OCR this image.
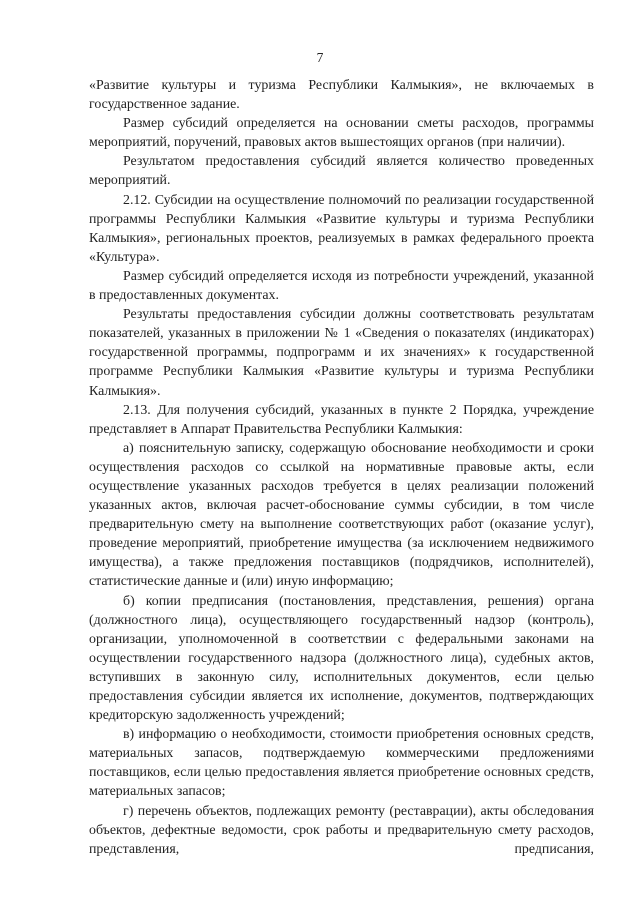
7

«Развитие культуры и туризма Республики Калмыкия», не включаемых в государственное задание.

Размер субсидий определяется на основании сметы расходов, программы мероприятий, поручений, правовых актов вышестоящих органов (при наличии).

Результатом предоставления субсидий является количество проведенных мероприятий.

2.12. Субсидии на осуществление полномочий по реализации государственной программы Республики Калмыкия «Развитие культуры и туризма Республики Калмыкия», региональных проектов, реализуемых в рамках федерального проекта «Культура».

Размер субсидий определяется исходя из потребности учреждений, указанной в предоставленных документах.

Результаты предоставления субсидии должны соответствовать результатам показателей, указанных в приложении № 1 «Сведения о показателях (индикаторах) государственной программы, подпрограмм и их значениях» к государственной программе Республики Калмыкия «Развитие культуры и туризма Республики Калмыкия».

2.13. Для получения субсидий, указанных в пункте 2 Порядка, учреждение представляет в Аппарат Правительства Республики Калмыкия:

а) пояснительную записку, содержащую обоснование необходимости и сроки осуществления расходов со ссылкой на нормативные правовые акты, если осуществление указанных расходов требуется в целях реализации положений указанных актов, включая расчет-обоснование суммы субсидии, в том числе предварительную смету на выполнение соответствующих работ (оказание услуг), проведение мероприятий, приобретение имущества (за исключением недвижимого имущества), а также предложения поставщиков (подрядчиков, исполнителей), статистические данные и (или) иную информацию;

б) копии предписания (постановления, представления, решения) органа (должностного лица), осуществляющего государственный надзор (контроль), организации, уполномоченной в соответствии с федеральными законами на осуществлении государственного надзора (должностного лица), судебных актов, вступивших в законную силу, исполнительных документов, если целью предоставления субсидии является их исполнение, документов, подтверждающих кредиторскую задолженность учреждений;

в) информацию о необходимости, стоимости приобретения основных средств, материальных запасов, подтверждаемую коммерческими предложениями поставщиков, если целью предоставления является приобретение основных средств, материальных запасов;

г) перечень объектов, подлежащих ремонту (реставрации), акты обследования объектов, дефектные ведомости, срок работы и предварительную смету расходов, представления, предписания,
